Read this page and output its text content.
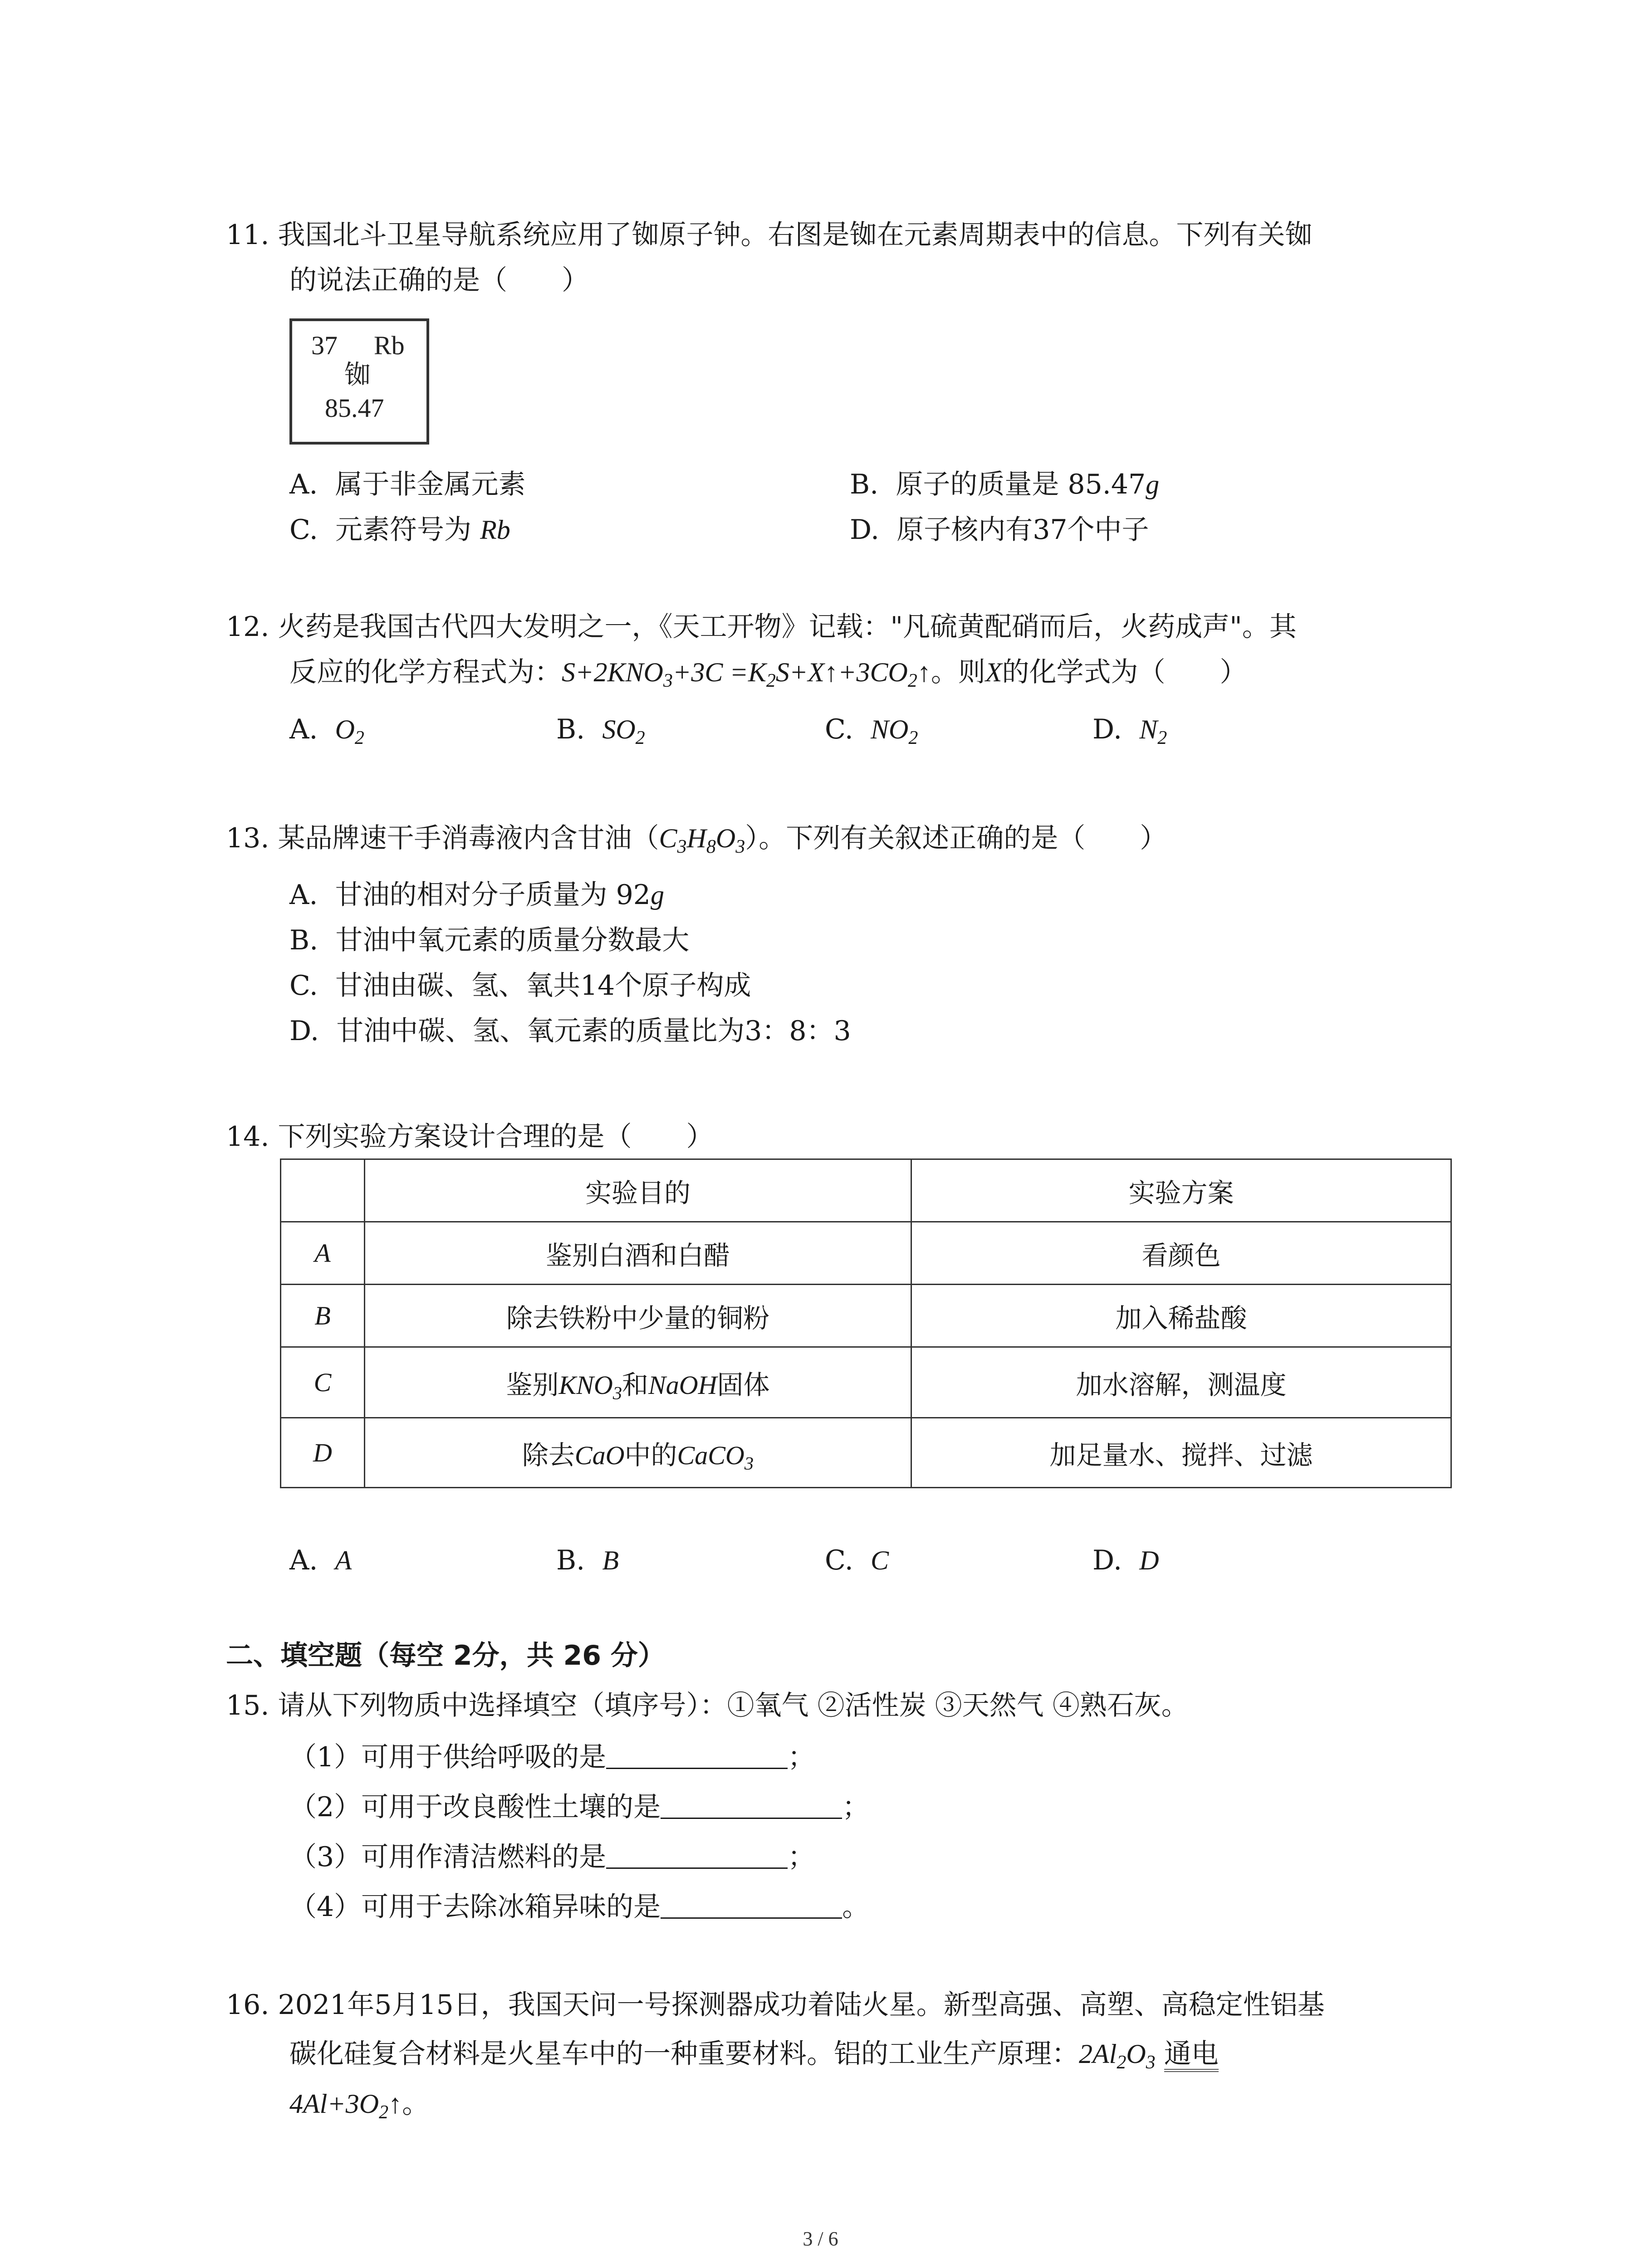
11. 我国北斗卫星导航系统应用了铷原子钟。右图是铷在元素周期表中的信息。下列有关铷
的说法正确的是（　　）
37 Rb
铷
85.47
A. 属于非金属元素	B. 原子的质量是 85.47g
C. 元素符号为 Rb	D. 原子核内有37个中子
12. 火药是我国古代四大发明之一，《天工开物》记载："凡硫黄配硝而后，火药成声"。其
反应的化学方程式为：$S+2KNO_3+3C$ $=K_2S+X↑+3CO_2↑$。则X的化学式为（　　）
A. $O_2$	B. $SO_2$	C. $NO_2$	D. $N_2$
13. 某品牌速干手消毒液内含甘油$(C_3H_8O_3)$。下列有关叙述正确的是（　　）
A. 甘油的相对分子质量为 92g
B. 甘油中氧元素的质量分数最大
C. 甘油由碳、氢、氧共14个原子构成
D. 甘油中碳、氢、氧元素的质量比为3：8：3
14. 下列实验方案设计合理的是（　　）
	实验目的	实验方案
A	鉴别白酒和白醋	看颜色
B	除去铁粉中少量的铜粉	加入稀盐酸
C	鉴别$KNO_3$和NaOH固体	加水溶解，测温度
D	除去CaO中的CaCO$_3$	加足量水、搅拌、过滤
A. A	B. B	C. C	D. D
二、填空题（每空 2分，共 26 分）
15. 请从下列物质中选择填空（填序号）：①氧气 ②活性炭 ③天然气 ④熟石灰。
（1）可用于供给呼吸的是	；
（2）可用于改良酸性土壤的是	；
（3）可用作清洁燃料的是	；
（4）可用于去除冰箱异味的是	。
16. 2021年5月15日，我国天问一号探测器成功着陆火星。新型高强、高塑、高稳定性铝基
碳化硅复合材料是火星车中的一种重要材料。铝的工业生产原理：$2Al_2O_3$ 通电
$4Al+3O_2↑$。
3 / 6
